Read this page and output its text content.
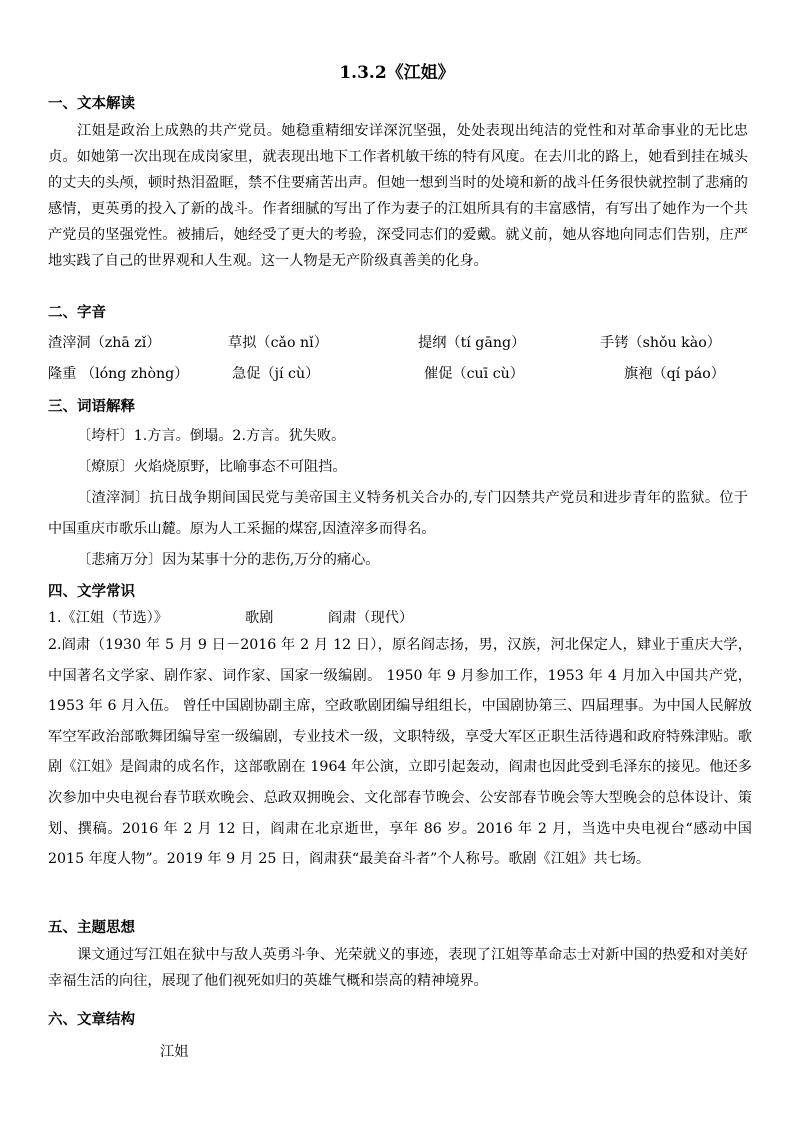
1.3.2《江姐》
一、文本解读
江姐是政治上成熟的共产党员。她稳重精细安详深沉坚强，处处表现出纯洁的党性和对革命事业的无比忠贞。如她第一次出现在成岗家里，就表现出地下工作者机敏干练的特有风度。在去川北的路上，她看到挂在城头的丈夫的头颅，顿时热泪盈眶，禁不住要痛苦出声。但她一想到当时的处境和新的战斗任务很快就控制了悲痛的感情，更英勇的投入了新的战斗。作者细腻的写出了作为妻子的江姐所具有的丰富感情，有写出了她作为一个共产党员的坚强党性。被捕后，她经受了更大的考验，深受同志们的爱戴。就义前，她从容地向同志们告别，庄严地实践了自己的世界观和人生观。这一人物是无产阶级真善美的化身。
二、字音
渣滓洞（zhā zǐ）	草拟（cǎo nǐ）	提纲（tí gāng）	手铐（shǒu kào）
隆重 （lóng zhòng）	急促（jí cù）	催促（cuī cù）	旗袍（qí páo）
三、词语解释
〔垮杆〕1.方言。倒塌。2.方言。犹失败。
〔燎原〕火焰烧原野，比喻事态不可阻挡。
〔渣滓洞〕抗日战争期间国民党与美帝国主义特务机关合办的,专门囚禁共产党员和进步青年的监狱。位于中国重庆市歌乐山麓。原为人工采掘的煤窑,因渣滓多而得名。
〔悲痛万分〕因为某事十分的悲伤,万分的痛心。
四、文学常识
1.《江姐（节选）》	歌剧	阎肃（现代）
2.阎肃（1930 年 5 月 9 日－2016 年 2 月 12 日），原名阎志扬，男，汉族，河北保定人，肄业于重庆大学，中国著名文学家、剧作家、词作家、国家一级编剧。 1950 年 9 月参加工作，1953 年 4 月加入中国共产党，1953 年 6 月入伍。 曾任中国剧协副主席，空政歌剧团编导组组长，中国剧协第三、四届理事。为中国人民解放军空军政治部歌舞团编导室一级编剧，专业技术一级，文职特级，享受大军区正职生活待遇和政府特殊津贴。歌剧《江姐》是阎肃的成名作，这部歌剧在 1964 年公演，立即引起轰动，阎肃也因此受到毛泽东的接见。他还多次参加中央电视台春节联欢晚会、总政双拥晚会、文化部春节晚会、公安部春节晚会等大型晚会的总体设计、策划、撰稿。2016 年 2 月 12 日，阎肃在北京逝世，享年 86 岁。2016 年 2 月，当选中央电视台“感动中国 2015 年度人物”。2019 年 9 月 25 日，阎肃获“最美奋斗者”个人称号。歌剧《江姐》共七场。
五、主题思想
课文通过写江姐在狱中与敌人英勇斗争、光荣就义的事迹，表现了江姐等革命志士对新中国的热爱和对美好幸福生活的向往，展现了他们视死如归的英雄气概和崇高的精神境界。
六、文章结构
江姐
